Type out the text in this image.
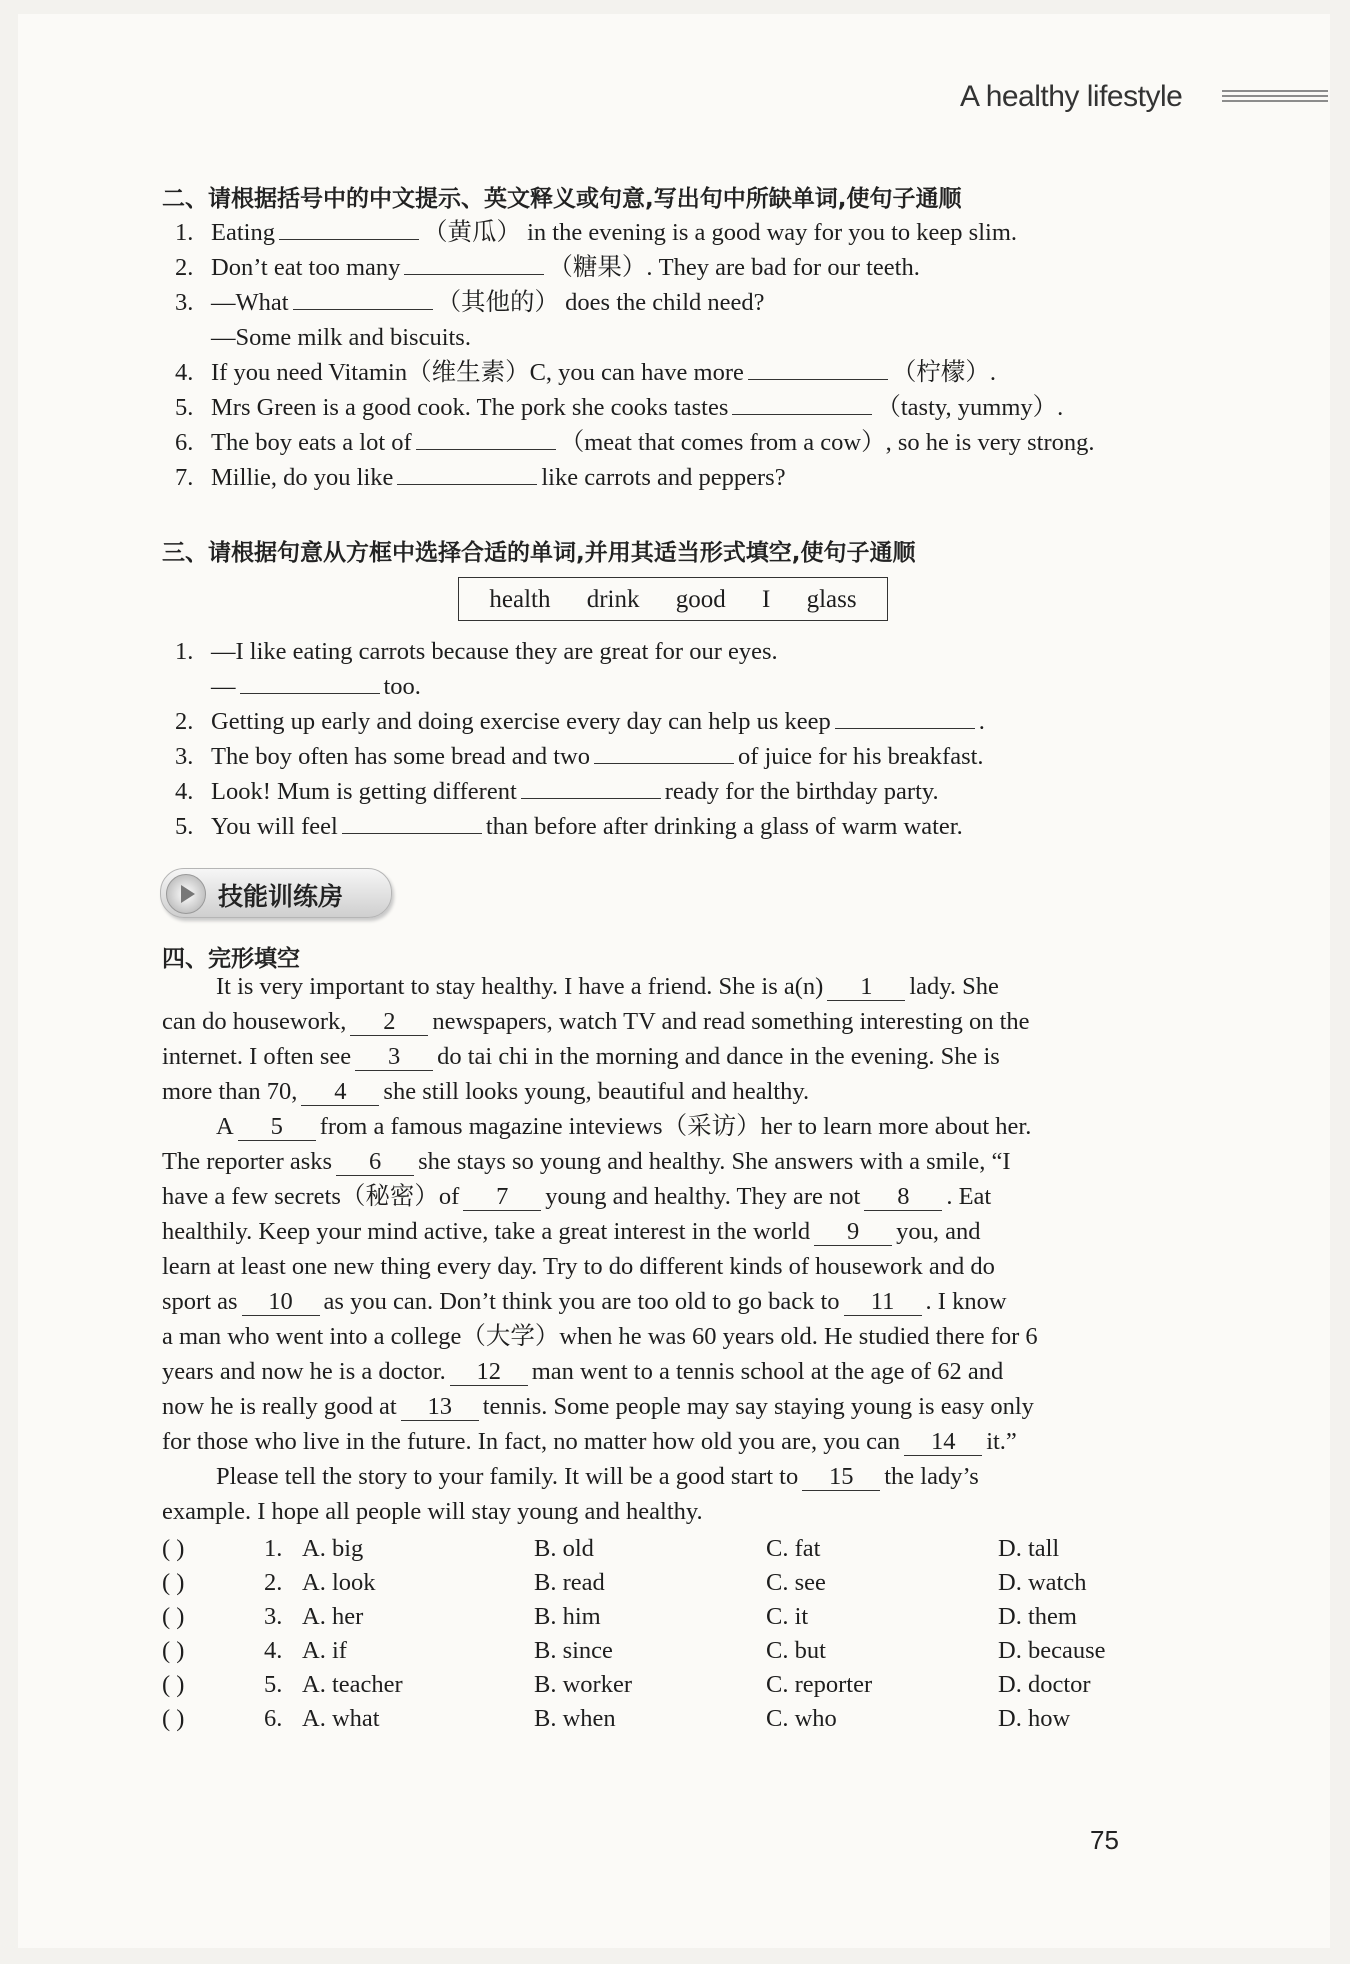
A healthy lifestyle
二、请根据括号中的中文提示、英文释义或句意,写出句中所缺单词,使句子通顺
1. Eating	（黄瓜） in the evening is a good way for you to keep slim.
2. Don’t eat too many	（糖果）. They are bad for our teeth.
3. —What	（其他的） does the child need?
—Some milk and biscuits.
4. If you need Vitamin（维生素）C, you can have more	（柠檬）.
5. Mrs Green is a good cook. The pork she cooks tastes	（tasty, yummy）.
6. The boy eats a lot of	（meat that comes from a cow）, so he is very strong.
7. Millie, do you like	like carrots and peppers?
三、请根据句意从方框中选择合适的单词,并用其适当形式填空,使句子通顺
health drink good I glass
1. —I like eating carrots because they are great for our eyes.
—	too.
2. Getting up early and doing exercise every day can help us keep	.
3. The boy often has some bread and two	of juice for his breakfast.
4. Look! Mum is getting different	ready for the birthday party.
5. You will feel	than before after drinking a glass of warm water.
技能训练房
四、完形填空
It is very important to stay healthy. I have a friend. She is a(n) 1 lady. She
can do housework, 2 newspapers, watch TV and read something interesting on the
internet. I often see 3 do tai chi in the morning and dance in the evening. She is
more than 70, 4 she still looks young, beautiful and healthy.
A 5 from a famous magazine inteviews（采访）her to learn more about her.
The reporter asks 6 she stays so young and healthy. She answers with a smile, “I
have a few secrets（秘密）of 7 young and healthy. They are not 8 . Eat
healthily. Keep your mind active, take a great interest in the world 9 you, and
learn at least one new thing every day. Try to do different kinds of housework and do
sport as 10 as you can. Don’t think you are too old to go back to 11 . I know
a man who went into a college（大学）when he was 60 years old. He studied there for 6
years and now he is a doctor. 12 man went to a tennis school at the age of 62 and
now he is really good at 13 tennis. Some people may say staying young is easy only
for those who live in the future. In fact, no matter how old you are, you can 14 it.”
Please tell the story to your family. It will be a good start to 15 the lady’s
example. I hope all people will stay young and healthy.
( )	1. A. big	B. old	C. fat	D. tall
( )	2. A. look	B. read	C. see	D. watch
( )	3. A. her	B. him	C. it	D. them
( )	4. A. if	B. since	C. but	D. because
( )	5. A. teacher	B. worker	C. reporter	D. doctor
( )	6. A. what	B. when	C. who	D. how
75
